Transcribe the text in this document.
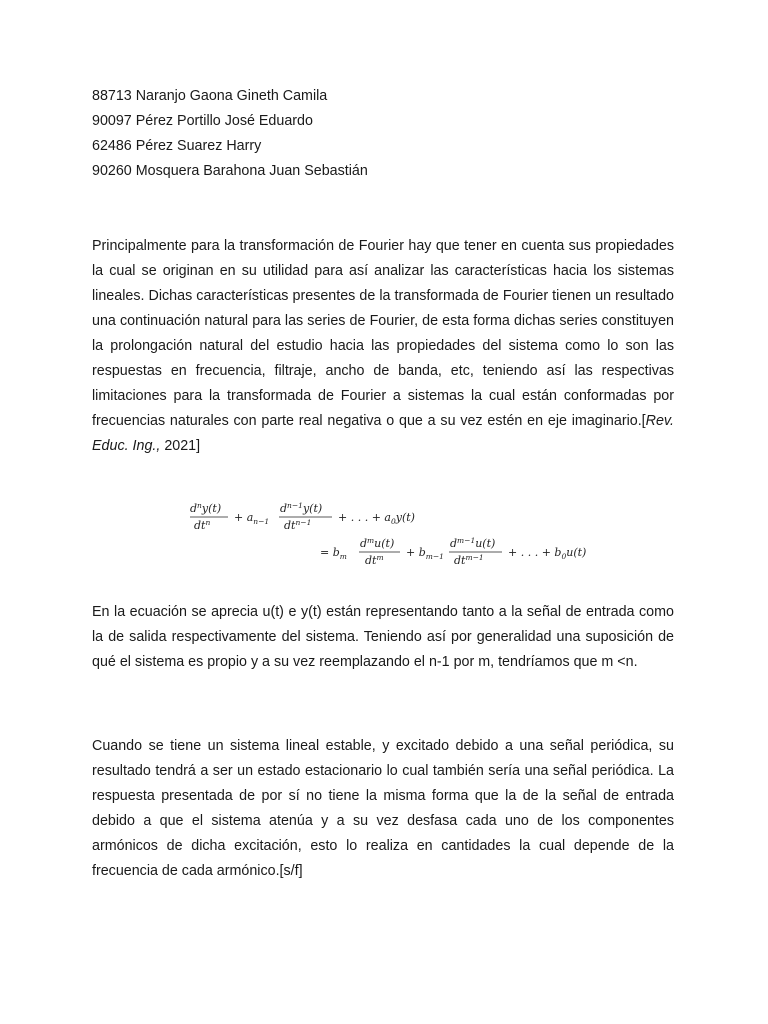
88713 Naranjo Gaona Gineth Camila
90097 Pérez Portillo José Eduardo
62486 Pérez Suarez Harry
90260 Mosquera Barahona Juan Sebastián

Principalmente para la transformación de Fourier hay que tener en cuenta sus propiedades la cual se originan en su utilidad para así analizar las características hacia los sistemas lineales. Dichas características presentes de la transformada de Fourier tienen un resultado una continuación natural para las series de Fourier, de esta forma dichas series constituyen la prolongación natural del estudio hacia las propiedades del sistema como lo son las respuestas en frecuencia, filtraje, ancho de banda, etc, teniendo así las respectivas limitaciones para la transformada de Fourier a sistemas la cual están conformadas por frecuencias naturales con parte real negativa o que a su vez estén en eje imaginario.[Rev. Educ. Ing., 2021]

$d^ny(t)$
$dt^n + a_{n-1}$
$d^{n-1}y(t)$
$dt^{n-1}$ + . . . + $a_0y(t)$
= $b_m$
$d^mu(t)$
$dt^m + b_{m-1}$
$d^{m-1}u(t)$
$dt^{m-1}$ + . . . + $b_0u(t)$

En la ecuación se aprecia u(t) e y(t) están representando tanto a la señal de entrada como la de salida respectivamente del sistema. Teniendo así por generalidad una suposición de qué el sistema es propio y a su vez reemplazando el n-1 por m, tendríamos que m <n.

Cuando se tiene un sistema lineal estable, y excitado debido a una señal periódica, su resultado tendrá a ser un estado estacionario lo cual también sería una señal periódica. La respuesta presentada de por sí no tiene la misma forma que la de la señal de entrada debido a que el sistema atenúa y a su vez desfasa cada uno de los componentes armónicos de dicha excitación, esto lo realiza en cantidades la cual depende de la frecuencia de cada armónico.[s/f]
